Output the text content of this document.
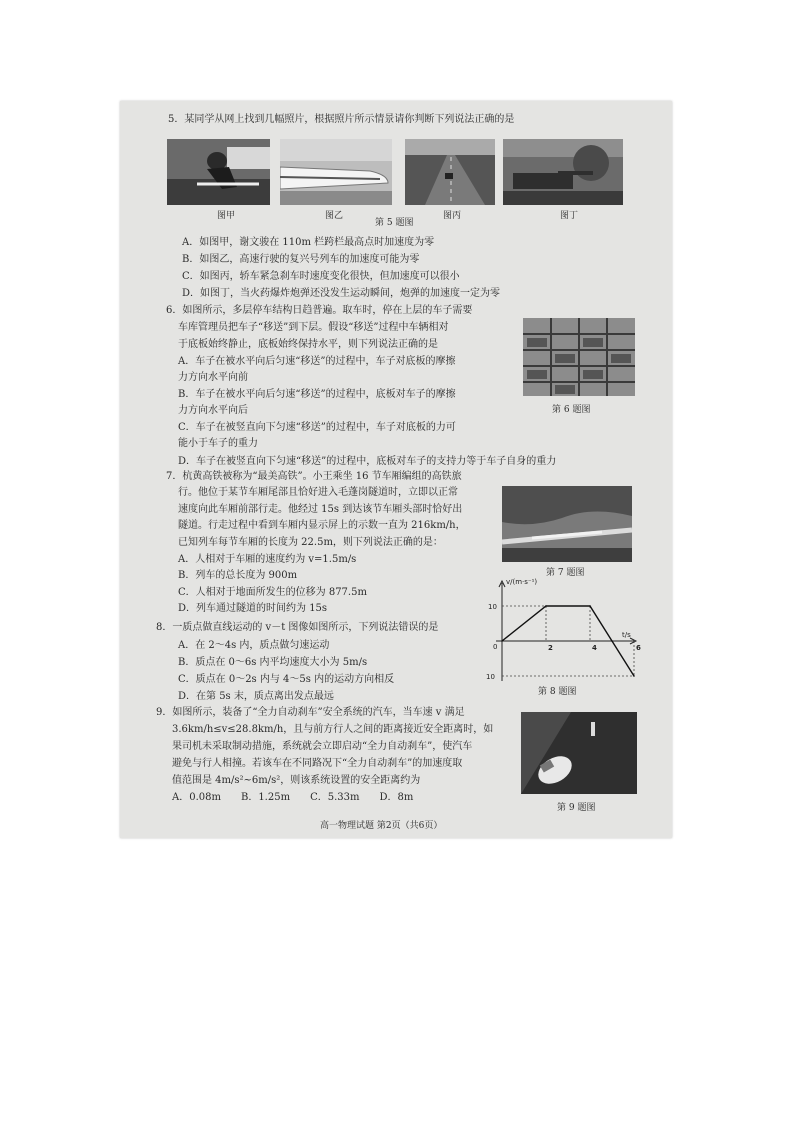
5．某同学从网上找到几幅照片，根据照片所示情景请你判断下列说法正确的是
图甲	图乙	图丙	图丁
第 5 题图
A．如图甲，谢文骏在 110m 栏跨栏最高点时加速度为零
B．如图乙，高速行驶的复兴号列车的加速度可能为零
C．如图丙，轿车紧急刹车时速度变化很快，但加速度可以很小
D．如图丁，当火药爆炸炮弹还没发生运动瞬间，炮弹的加速度一定为零
6．如图所示，多层停车结构日趋普遍。取车时，停在上层的车子需要
车库管理员把车子“移送”到下层。假设“移送”过程中车辆相对
于底板始终静止，底板始终保持水平，则下列说法正确的是
A．车子在被水平向后匀速“移送”的过程中，车子对底板的摩擦
力方向水平向前
B．车子在被水平向后匀速“移送”的过程中，底板对车子的摩擦
力方向水平向后
C．车子在被竖直向下匀速“移送”的过程中，车子对底板的力可
能小于车子的重力
D．车子在被竖直向下匀速“移送”的过程中，底板对车子的支持力等于车子自身的重力
第 6 题图
7．杭黄高铁被称为“最美高铁”。小王乘坐 16 节车厢编组的高铁旅
行。他位于某节车厢尾部且恰好进入毛蓬岗隧道时，立即以正常
速度向此车厢前部行走。他经过 15s 到达该节车厢头部时恰好出
隧道。行走过程中看到车厢内显示屏上的示数一直为 216km/h，
已知列车每节车厢的长度为 22.5m，则下列说法正确的是：
A．人相对于车厢的速度约为 v=1.5m/s
B．列车的总长度为 900m
C．人相对于地面所发生的位移为 877.5m
D．列车通过隧道的时间约为 15s
第 7 题图
8．一质点做直线运动的 v－t 图像如图所示，下列说法错误的是
A．在 2～4s 内，质点做匀速运动
B．质点在 0～6s 内平均速度大小为 5m/s
C．质点在 0～2s 内与 4～5s 内的运动方向相反
D．在第 5s 末，质点离出发点最远
v/(m·s⁻¹)
t/s
0
10
10
2	4	6
第 8 题图
9．如图所示，装备了“全力自动刹车”安全系统的汽车，当车速 v 满足
3.6km/h≤v≤28.8km/h，且与前方行人之间的距离接近安全距离时，如
果司机未采取制动措施，系统就会立即启动“全力自动刹车”，使汽车
避免与行人相撞。若该车在不同路况下“全力自动刹车”的加速度取
值范围是 4m/s²~6m/s²，则该系统设置的安全距离约为
A．0.08m　　B．1.25m　　C．5.33m　　D．8m
第 9 题图
高一物理试题 第2页（共6页）
